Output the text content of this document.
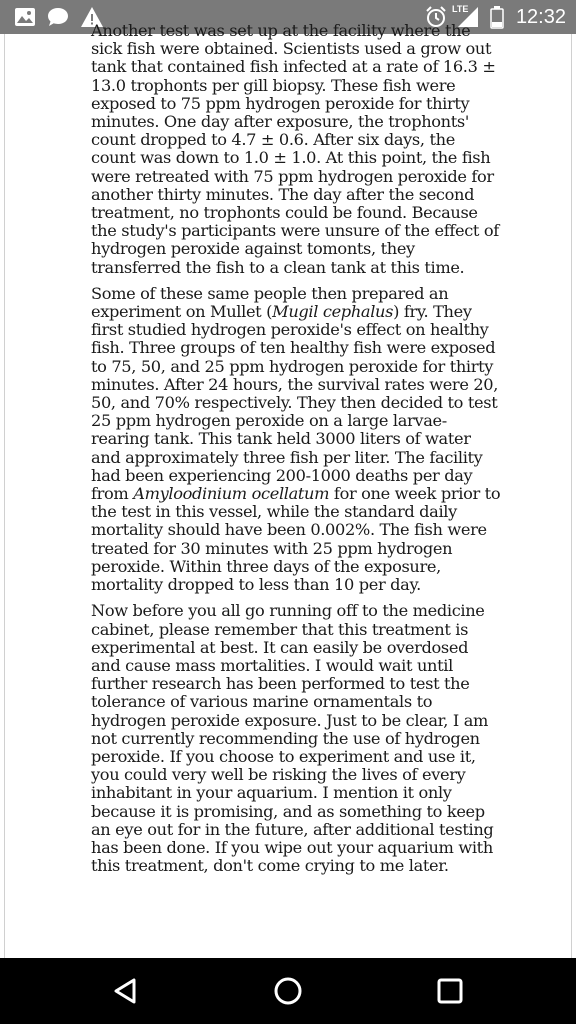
LTE 12:32

Another test was set up at the facility where the sick fish were obtained. Scientists used a grow out tank that contained fish infected at a rate of 16.3 ± 13.0 trophonts per gill biopsy. These fish were exposed to 75 ppm hydrogen peroxide for thirty minutes. One day after exposure, the trophonts' count dropped to 4.7 ± 0.6. After six days, the count was down to 1.0 ± 1.0. At this point, the fish were retreated with 75 ppm hydrogen peroxide for another thirty minutes. The day after the second treatment, no trophonts could be found. Because the study's participants were unsure of the effect of hydrogen peroxide against tomonts, they transferred the fish to a clean tank at this time.

Some of these same people then prepared an experiment on Mullet (Mugil cephalus) fry. They first studied hydrogen peroxide's effect on healthy fish. Three groups of ten healthy fish were exposed to 75, 50, and 25 ppm hydrogen peroxide for thirty minutes. After 24 hours, the survival rates were 20, 50, and 70% respectively. They then decided to test 25 ppm hydrogen peroxide on a large larvae-rearing tank. This tank held 3000 liters of water and approximately three fish per liter. The facility had been experiencing 200-1000 deaths per day from Amyloodinium ocellatum for one week prior to the test in this vessel, while the standard daily mortality should have been 0.002%. The fish were treated for 30 minutes with 25 ppm hydrogen peroxide. Within three days of the exposure, mortality dropped to less than 10 per day.

Now before you all go running off to the medicine cabinet, please remember that this treatment is experimental at best. It can easily be overdosed and cause mass mortalities. I would wait until further research has been performed to test the tolerance of various marine ornamentals to hydrogen peroxide exposure. Just to be clear, I am not currently recommending the use of hydrogen peroxide. If you choose to experiment and use it, you could very well be risking the lives of every inhabitant in your aquarium. I mention it only because it is promising, and as something to keep an eye out for in the future, after additional testing has been done. If you wipe out your aquarium with this treatment, don't come crying to me later.
